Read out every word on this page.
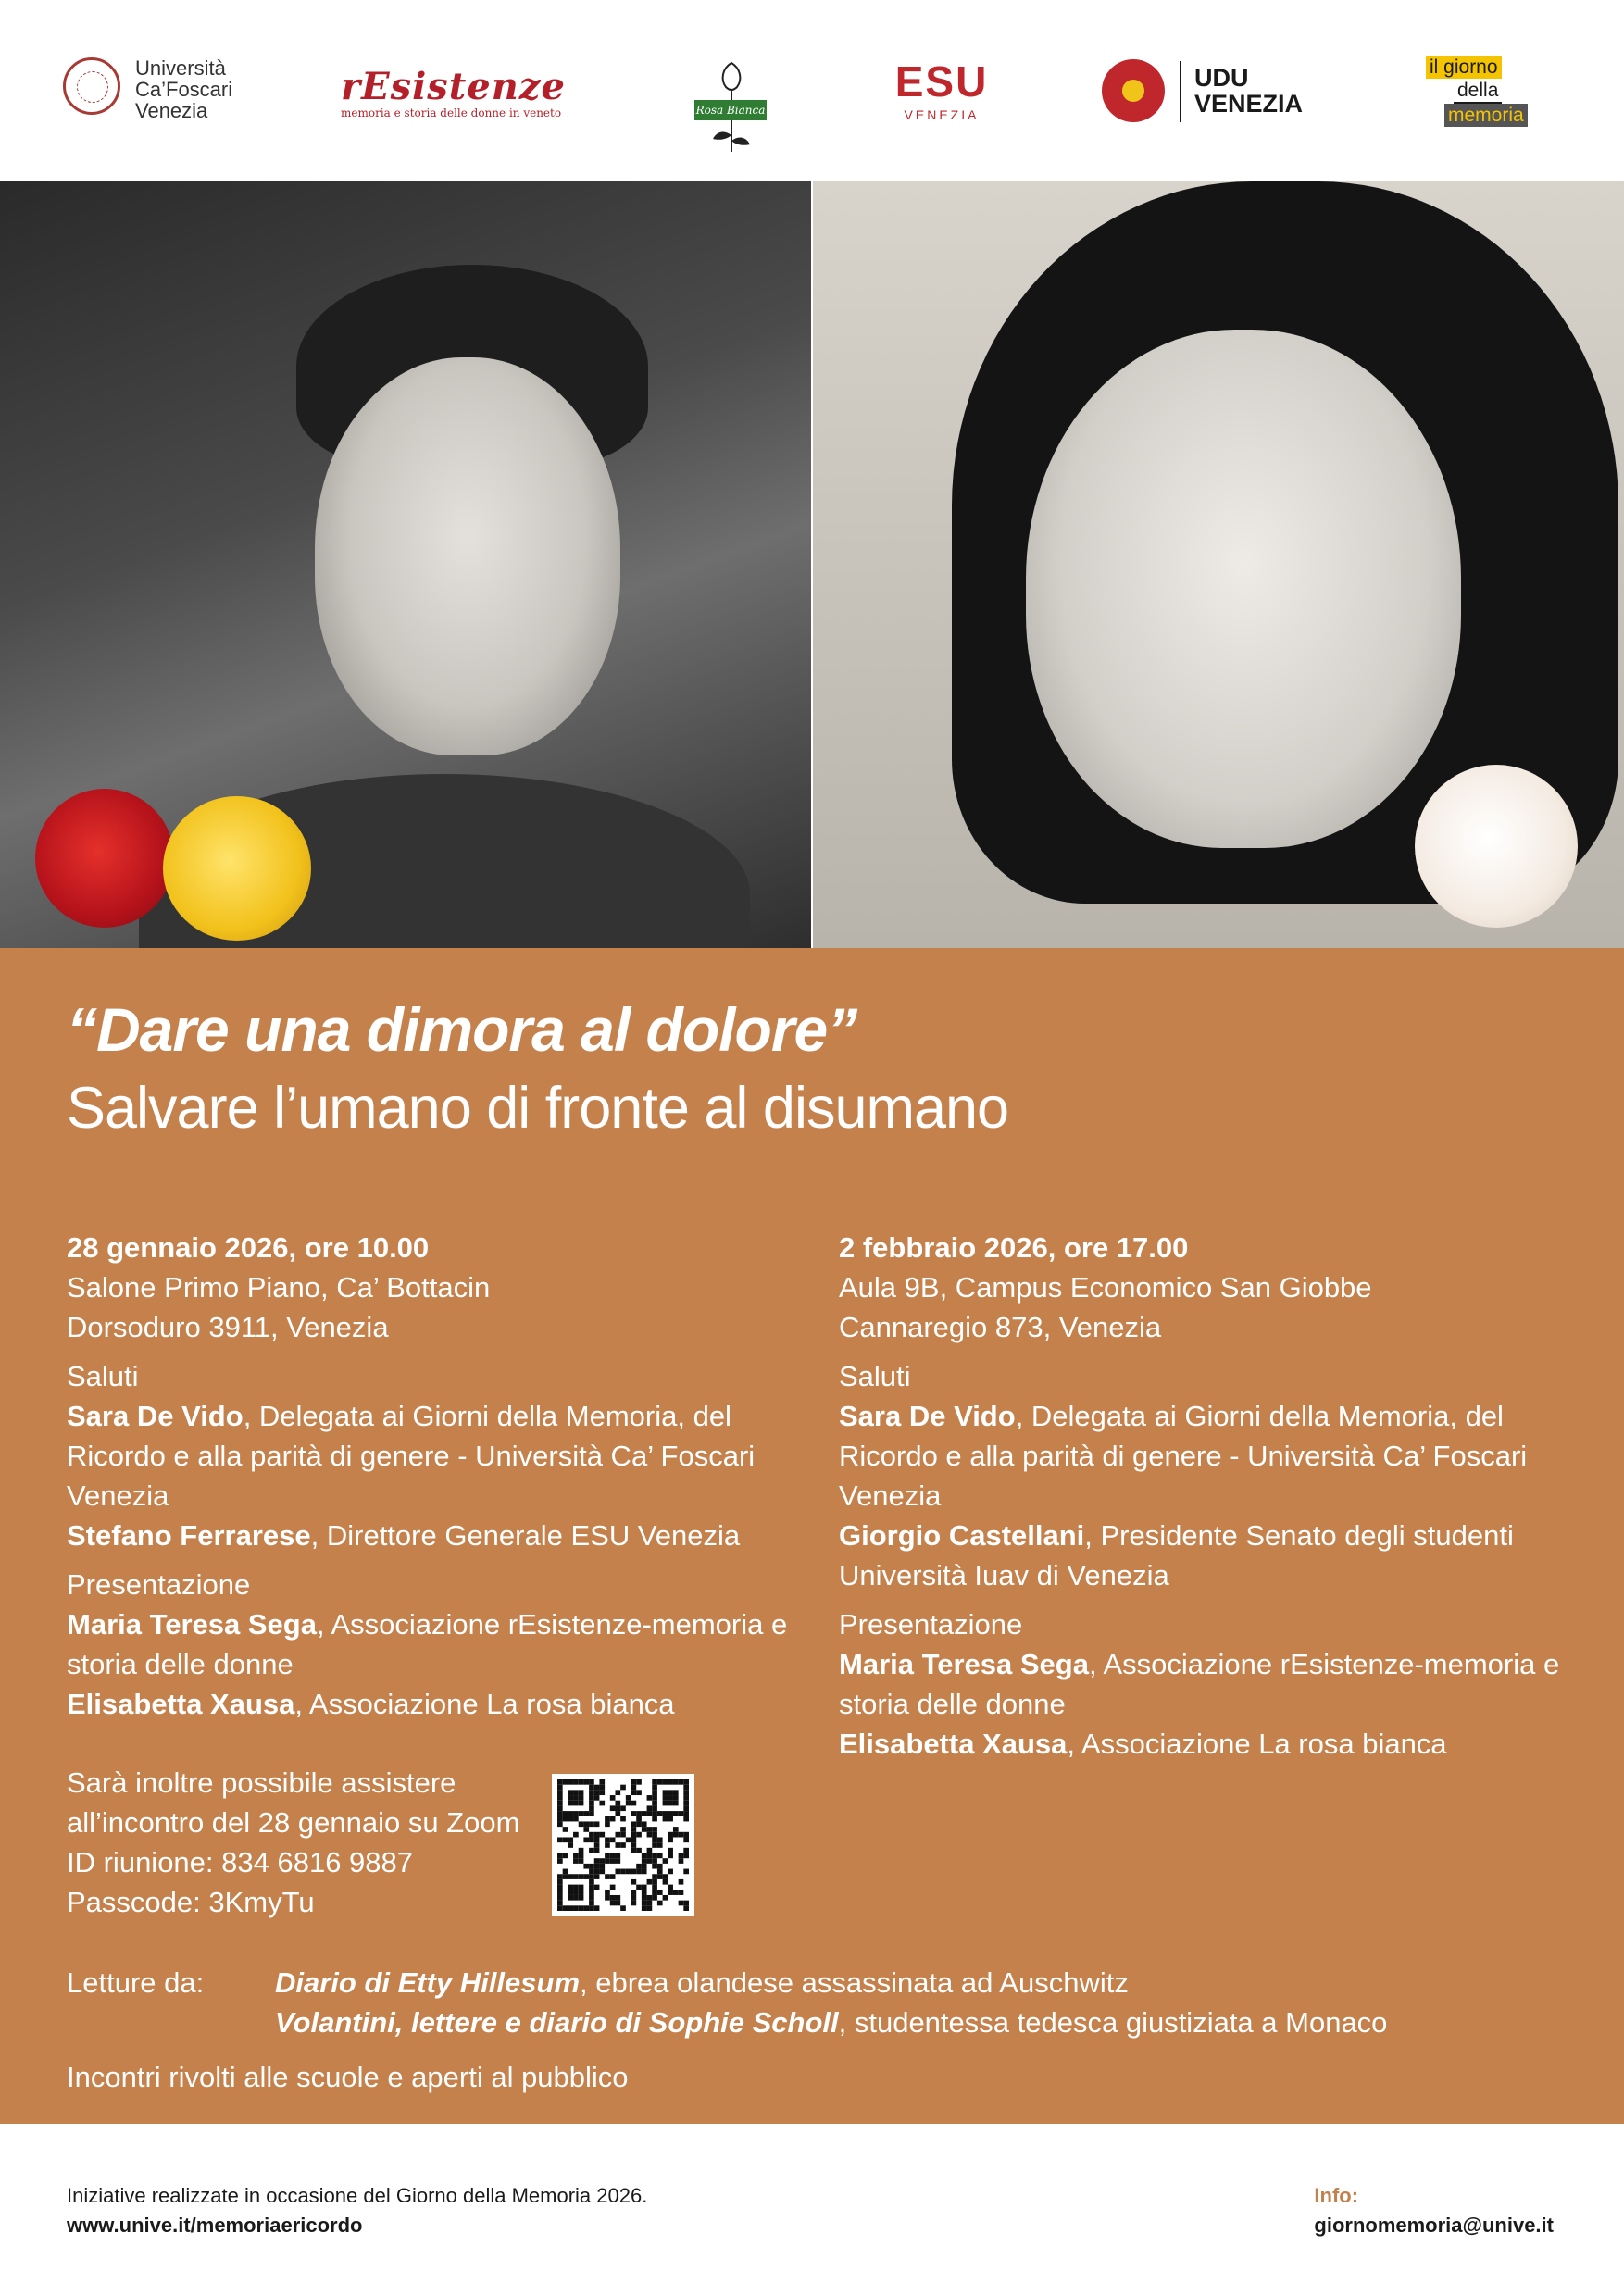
Università
Ca’Foscari
Venezia
rEsistenze
memoria e storia delle donne in veneto	Rosa Bianca
ESU
VENEZIA
UDU
VENEZIA
il giorno
della
memoria
“Dare una dimora al dolore”
Salvare l’umano di fronte al disumano
28 gennaio 2026, ore 10.00
Salone Primo Piano, Ca’ Bottacin
Dorsoduro 3911, Venezia
Saluti
Sara De Vido, Delegata ai Giorni della Memoria, del Ricordo e alla parità di genere - Università Ca’ Foscari Venezia
Stefano Ferrarese, Direttore Generale ESU Venezia
Presentazione
Maria Teresa Sega, Associazione rEsistenze-memoria e storia delle donne
Elisabetta Xausa, Associazione La rosa bianca
2 febbraio 2026, ore 17.00
Aula 9B, Campus Economico San Giobbe
Cannaregio 873, Venezia
Saluti
Sara De Vido, Delegata ai Giorni della Memoria, del Ricordo e alla parità di genere - Università Ca’ Foscari Venezia
Giorgio Castellani, Presidente Senato degli studenti Università Iuav di Venezia
Presentazione
Maria Teresa Sega, Associazione rEsistenze-memoria e storia delle donne
Elisabetta Xausa, Associazione La rosa bianca
Sarà inoltre possibile assistere
all’incontro del 28 gennaio su Zoom
ID riunione: 834 6816 9887
Passcode: 3KmyTu
Letture da: Diario di Etty Hillesum, ebrea olandese assassinata ad Auschwitz
Volantini, lettere e diario di Sophie Scholl, studentessa tedesca giustiziata a Monaco
Incontri rivolti alle scuole e aperti al pubblico
Iniziative realizzate in occasione del Giorno della Memoria 2026.
www.unive.it/memoriaericordo
Info:
giornomemoria@unive.it
